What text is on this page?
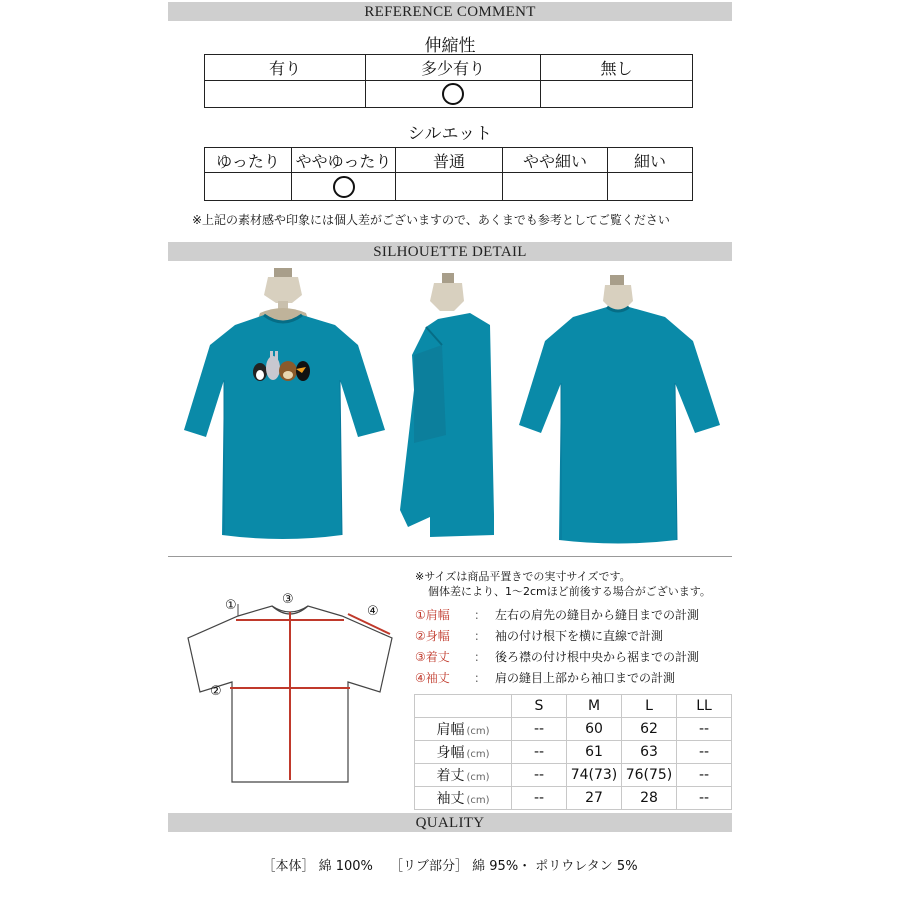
REFERENCE COMMENT
伸縮性
有り	多少有り	無し

シルエット
ゆったり	ややゆったり	普通	やや細い	細い

※上記の素材感や印象には個人差がございますので、あくまでも参考としてご覧ください
SILHOUETTE DETAIL
①
②
③
④
※サイズは商品平置きでの実寸サイズです。
個体差により、1～2cmほど前後する場合がございます。
①肩幅 ： 左右の肩先の縫目から縫目までの計測
②身幅 ： 袖の付け根下を横に直線で計測
③着丈 ： 後ろ襟の付け根中央から裾までの計測
④袖丈 ： 肩の縫目上部から袖口までの計測
	S	M	L	LL
肩幅 (cm)	--	60	62	--
身幅 (cm)	--	61	63	--
着丈 (cm)	--	74(73)	76(75)	--
袖丈 (cm)	--	27	28	--
QUALITY
［本体］ 綿 100%　 ［リブ部分］ 綿 95%・ ポリウレタン 5%
